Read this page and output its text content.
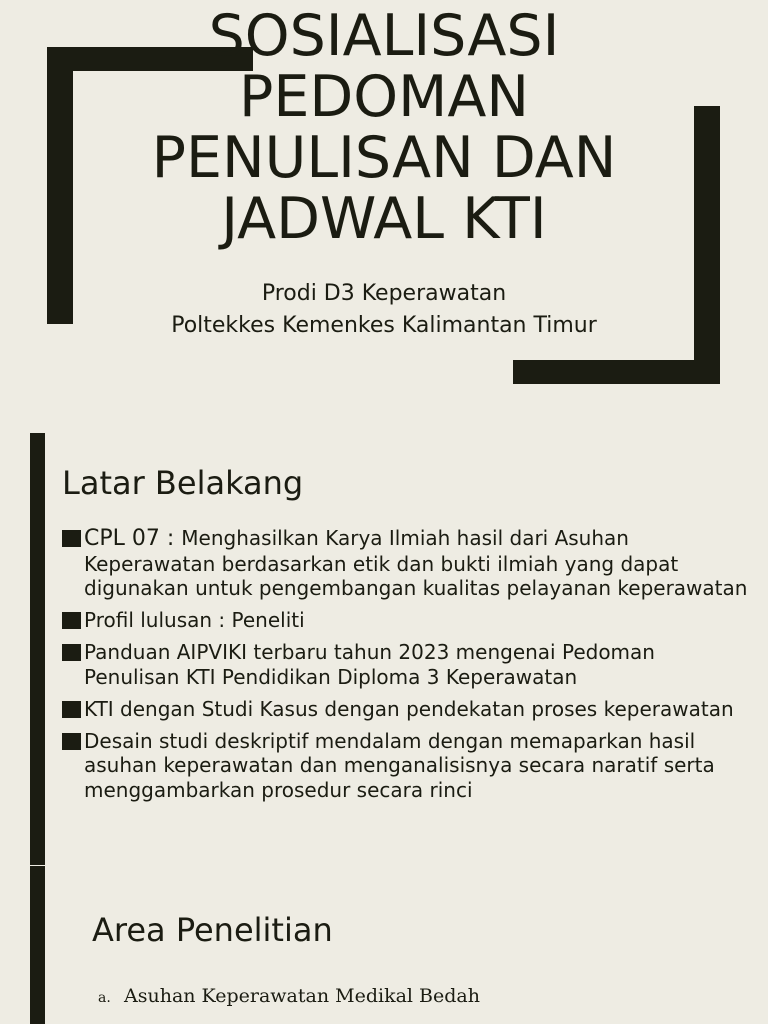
SOSIALISASI
PEDOMAN
PENULISAN DAN
JADWAL KTI
Prodi D3 Keperawatan
Poltekkes Kemenkes Kalimantan Timur
Latar Belakang
CPL 07 : Menghasilkan Karya Ilmiah hasil dari Asuhan Keperawatan berdasarkan etik dan bukti ilmiah yang dapat digunakan untuk pengembangan kualitas pelayanan keperawatan
Profil lulusan : Peneliti
Panduan AIPVIKI terbaru tahun 2023 mengenai Pedoman Penulisan KTI Pendidikan Diploma 3 Keperawatan
KTI dengan Studi Kasus dengan pendekatan proses keperawatan
Desain studi deskriptif mendalam dengan memaparkan hasil asuhan keperawatan dan menganalisisnya secara naratif serta menggambarkan prosedur secara rinci
Area Penelitian
a. Asuhan Keperawatan Medikal Bedah
